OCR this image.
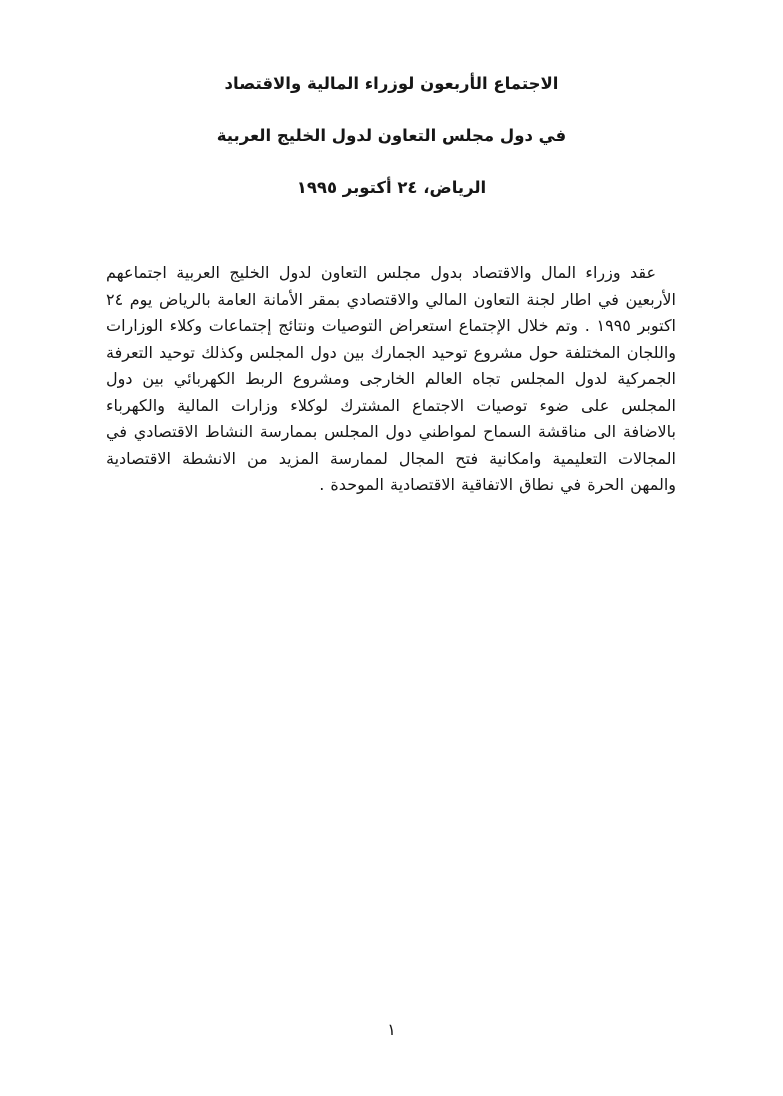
الاجتماع الأربعون لوزراء المالية والاقتصاد
في دول مجلس التعاون لدول الخليج العربية
الرياض، ٢٤ أكتوبر ١٩٩٥

عقد وزراء المال والاقتصاد بدول مجلس التعاون لدول الخليج العربية اجتماعهم الأربعين في اطار لجنة التعاون المالي والاقتصادي بمقر الأمانة العامة بالرياض يوم ٢٤ اكتوبر ١٩٩٥ . وتم خلال الإجتماع استعراض التوصيات ونتائج إجتماعات وكلاء الوزارات واللجان المختلفة حول مشروع توحيد الجمارك بين دول المجلس وكذلك توحيد التعرفة الجمركية لدول المجلس تجاه العالم الخارجى ومشروع الربط الكهربائي بين دول المجلس على ضوء توصيات الاجتماع المشترك لوكلاء وزارات المالية والكهرباء بالاضافة الى مناقشة السماح لمواطني دول المجلس بممارسة النشاط الاقتصادي في المجالات التعليمية وامكانية فتح المجال لممارسة المزيد من الانشطة الاقتصادية والمهن الحرة في نطاق الاتفاقية الاقتصادية الموحدة .

١
